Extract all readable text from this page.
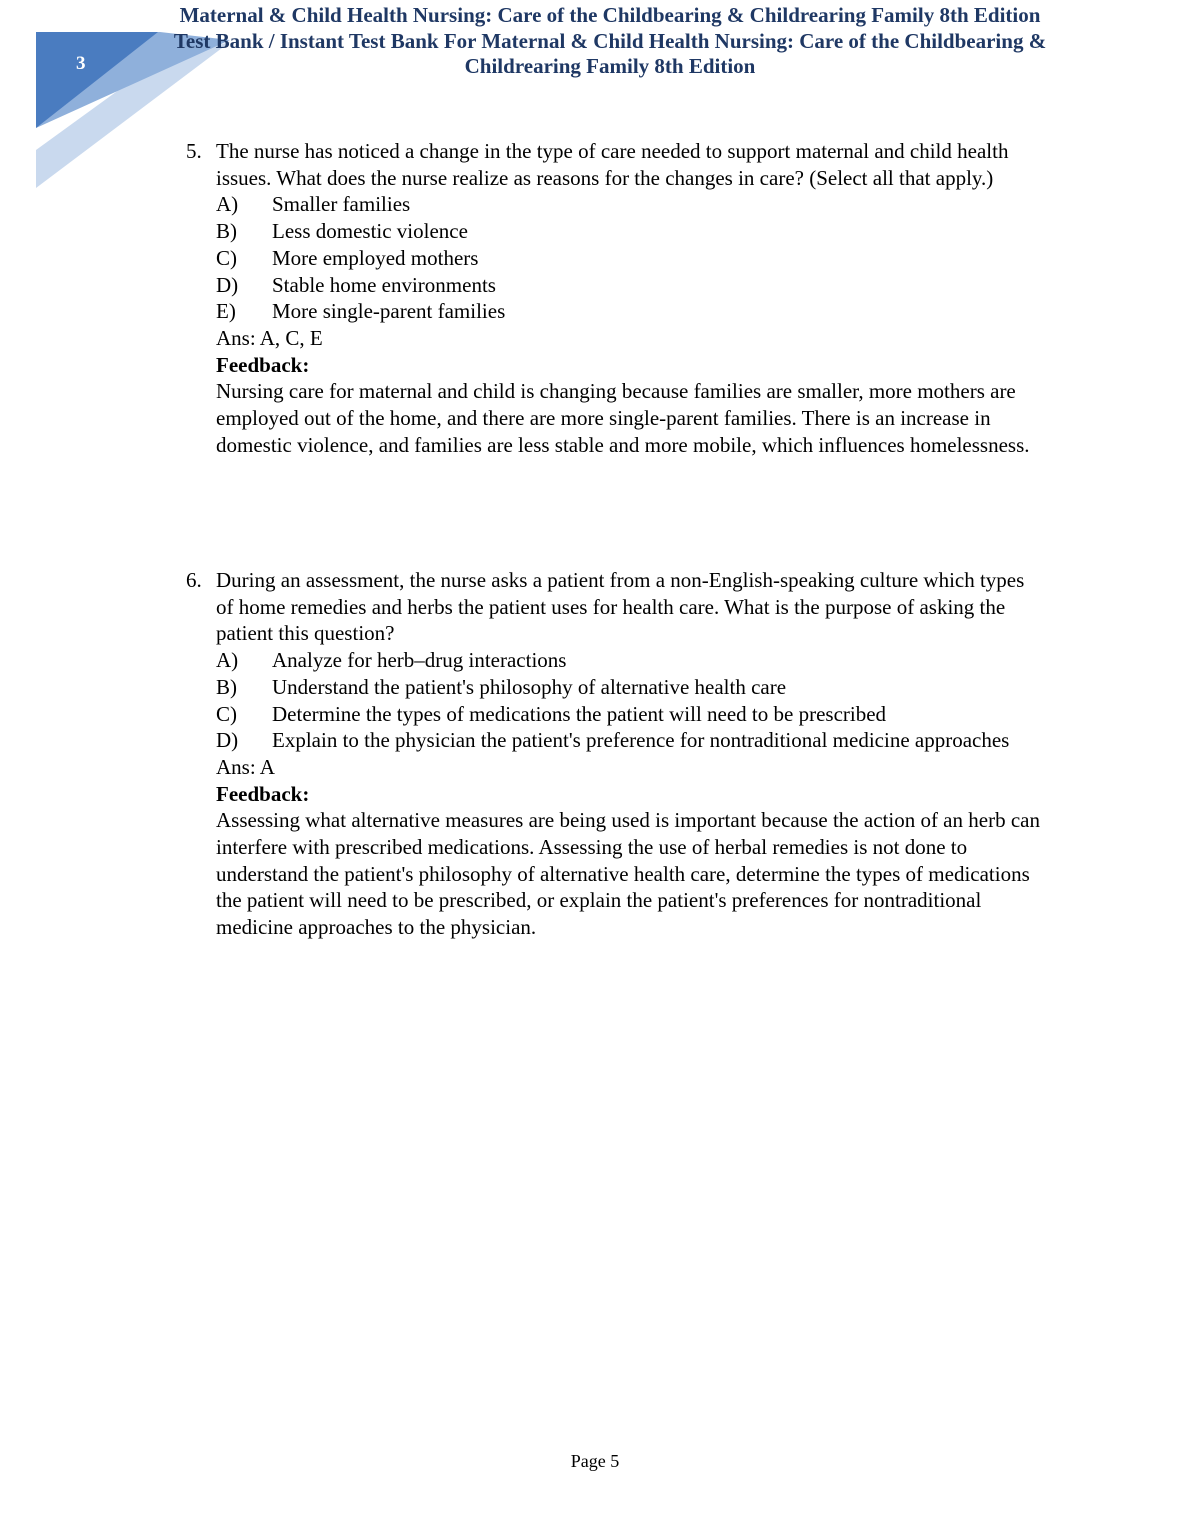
3
Maternal & Child Health Nursing: Care of the Childbearing & Childrearing Family 8th Edition Test Bank / Instant Test Bank For Maternal & Child Health Nursing: Care of the Childbearing & Childrearing Family 8th Edition
5. The nurse has noticed a change in the type of care needed to support maternal and child health issues. What does the nurse realize as reasons for the changes in care? (Select all that apply.)
A) Smaller families
B) Less domestic violence
C) More employed mothers
D) Stable home environments
E) More single-parent families
Ans: A, C, E
Feedback:
Nursing care for maternal and child is changing because families are smaller, more mothers are employed out of the home, and there are more single-parent families. There is an increase in domestic violence, and families are less stable and more mobile, which influences homelessness.
6. During an assessment, the nurse asks a patient from a non-English-speaking culture which types of home remedies and herbs the patient uses for health care. What is the purpose of asking the patient this question?
A) Analyze for herb–drug interactions
B) Understand the patient's philosophy of alternative health care
C) Determine the types of medications the patient will need to be prescribed
D) Explain to the physician the patient's preference for nontraditional medicine approaches
Ans: A
Feedback:
Assessing what alternative measures are being used is important because the action of an herb can interfere with prescribed medications. Assessing the use of herbal remedies is not done to understand the patient's philosophy of alternative health care, determine the types of medications the patient will need to be prescribed, or explain the patient's preferences for nontraditional medicine approaches to the physician.
Page 5
